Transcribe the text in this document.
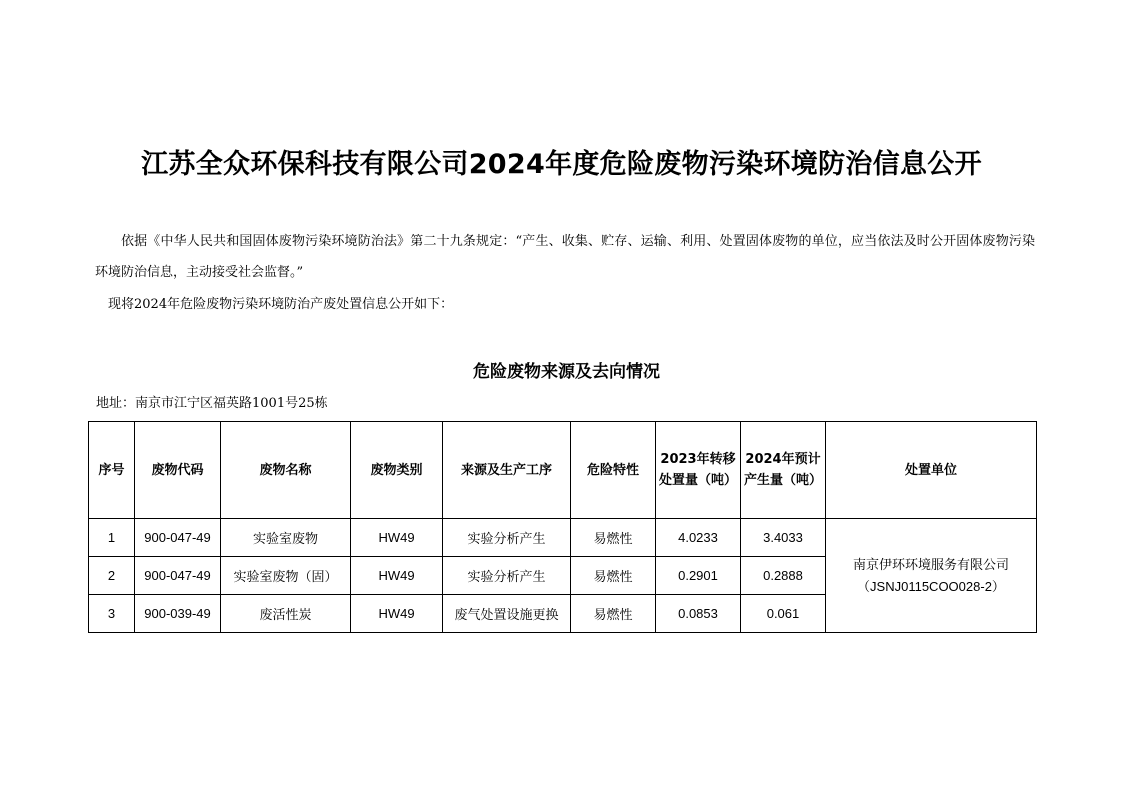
江苏全众环保科技有限公司2024年度危险废物污染环境防治信息公开

依据《中华人民共和国固体废物污染环境防治法》第二十九条规定：“产生、收集、贮存、运输、利用、处置固体废物的单位，应当依法及时公开固体废物污染环境防治信息，主动接受社会监督。”

现将2024年危险废物污染环境防治产废处置信息公开如下：

危险废物来源及去向情况
地址：南京市江宁区福英路1001号25栋
序号	废物代码	废物名称	废物类别	来源及生产工序	危险特性	2023年转移处置量（吨）	2024年预计产生量（吨）	处置单位
1	900-047-49	实验室废物	HW49	实验分析产生	易燃性	4.0233	3.4033	南京伊环环境服务有限公司
（JSNJ0115COO028-2）

2	900-047-49	实验室废物（固）	HW49	实验分析产生	易燃性	0.2901	0.2888	
3	900-039-49	废活性炭	HW49	废气处置设施更换	易燃性	0.0853	0.061	
